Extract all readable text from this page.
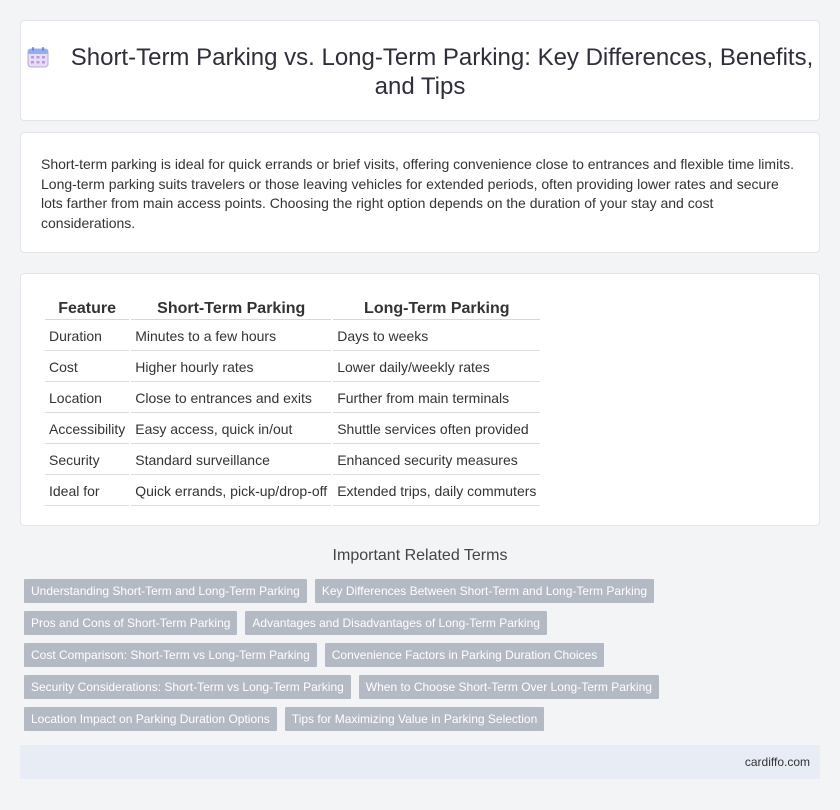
Short-Term Parking vs. Long-Term Parking: Key Differences, Benefits, and Tips

Short-term parking is ideal for quick errands or brief visits, offering convenience close to entrances and flexible time limits. Long-term parking suits travelers or those leaving vehicles for extended periods, often providing lower rates and secure lots farther from main access points. Choosing the right option depends on the duration of your stay and cost considerations.

Feature	Short-Term Parking	Long-Term Parking
Duration	Minutes to a few hours	Days to weeks
Cost	Higher hourly rates	Lower daily/weekly rates
Location	Close to entrances and exits	Further from main terminals
Accessibility	Easy access, quick in/out	Shuttle services often provided
Security	Standard surveillance	Enhanced security measures
Ideal for	Quick errands, pick-up/drop-off	Extended trips, daily commuters
Important Related Terms
Understanding Short-Term and Long-Term Parking	Key Differences Between Short-Term and Long-Term Parking
Pros and Cons of Short-Term Parking	Advantages and Disadvantages of Long-Term Parking
Cost Comparison: Short-Term vs Long-Term Parking	Convenience Factors in Parking Duration Choices
Security Considerations: Short-Term vs Long-Term Parking	When to Choose Short-Term Over Long-Term Parking
Location Impact on Parking Duration Options	Tips for Maximizing Value in Parking Selection
cardiffo.com
